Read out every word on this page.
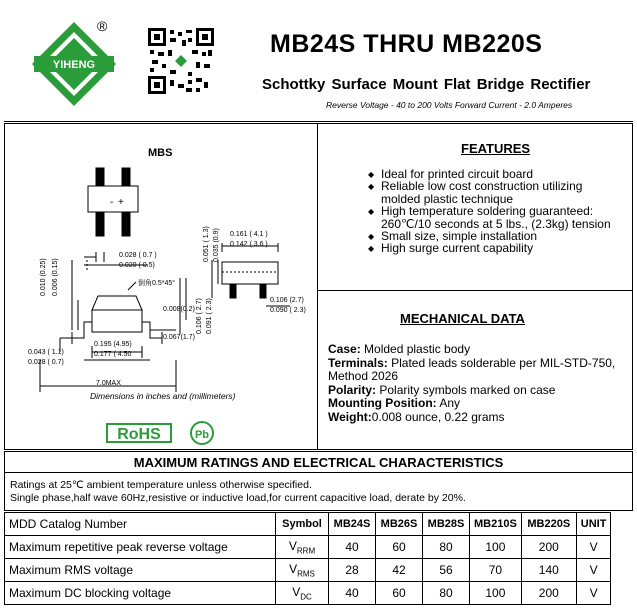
YIHENG
®
MB24S THRU MB220S
Schottky Surface Mount Flat Bridge Rectifier
Reverse Voltage - 40 to 200 Volts Forward Current - 2.0 Amperes
MBS
- +
0.028 ( 0.7 )
0.020 ( 0.5)
0.010 (0.25) 0.006 (0.15)
0.161 ( 4.1 )
0.142 ( 3.6 )
0.051 ( 1.3) 0.035 (0.9)
0.106 ( 2.7) 0.091 ( 2.3)	0.106 (2.7)
0.090 ( 2.3)
0.008(0.2)
0.067(1.7)
倒角0.5*45°
0.043 ( 1.1)
0.028 ( 0.7)
0.195 (4.95)
0.177 ( 4.50
7.0MAX
Dimensions in inches and (millimeters)
RoHS	Pb
FEATURES
◆ Ideal for printed circuit board
◆ Reliable low cost construction utilizing
molded plastic technique
◆ High temperature soldering guaranteed:
260℃/10 seconds at 5 lbs., (2.3kg) tension
◆ Small size, simple installation
◆ High surge current capability
MECHANICAL DATA
Case: Molded plastic body
Terminals: Plated leads solderable per MIL-STD-750,
Method 2026
Polarity: Polarity symbols marked on case
Mounting Position: Any
Weight:0.008 ounce, 0.22 grams
MAXIMUM RATINGS AND ELECTRICAL CHARACTERISTICS
Ratings at 25℃ ambient temperature unless otherwise specified.
Single phase,half wave 60Hz,resistive or inductive load,for current capacitive load, derate by 20%.
MDD Catalog Number	Symbol	MB24S	MB26S	MB28S	MB210S	MB220S	UNIT
Maximum repetitive peak reverse voltage	$V_{RRM}$	40	60	80	100	200	V
Maximum RMS voltage	$V_{RMS}$	28	42	56	70	140	V
Maximum DC blocking voltage	$V_{DC}$	40	60	80	100	200	V
